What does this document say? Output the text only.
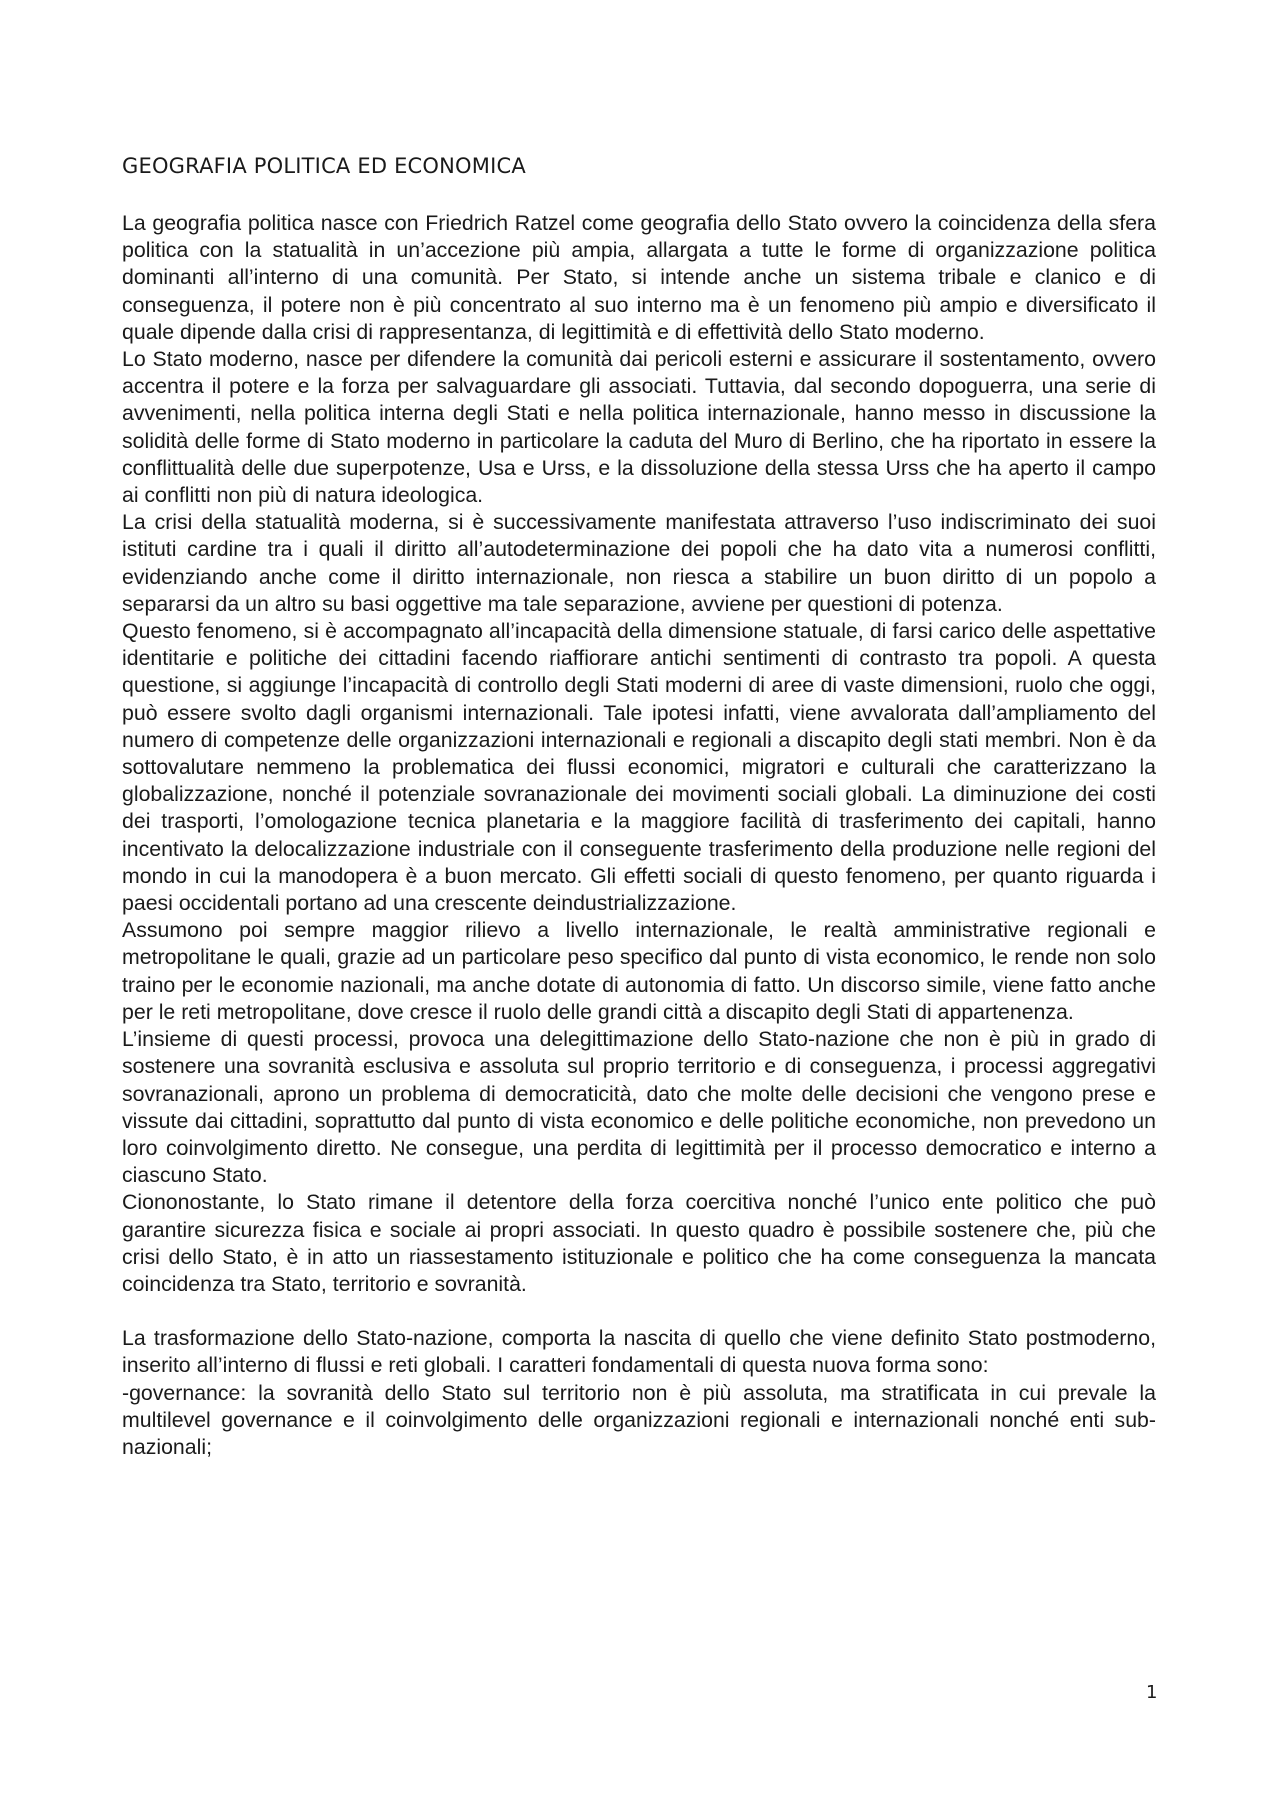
GEOGRAFIA POLITICA ED ECONOMICA

La geografia politica nasce con Friedrich Ratzel come geografia dello Stato ovvero la coincidenza della sfera politica con la statualità in un’accezione più ampia, allargata a tutte le forme di organizzazione politica dominanti all’interno di una comunità. Per Stato, si intende anche un sistema tribale e clanico e di conseguenza, il potere non è più concentrato al suo interno ma è un fenomeno più ampio e diversificato il quale dipende dalla crisi di rappresentanza, di legittimità e di effettività dello Stato moderno.

Lo Stato moderno, nasce per difendere la comunità dai pericoli esterni e assicurare il sostentamento, ovvero accentra il potere e la forza per salvaguardare gli associati. Tuttavia, dal secondo dopoguerra, una serie di avvenimenti, nella politica interna degli Stati e nella politica internazionale, hanno messo in discussione la solidità delle forme di Stato moderno in particolare la caduta del Muro di Berlino, che ha riportato in essere la conflittualità delle due superpotenze, Usa e Urss, e la dissoluzione della stessa Urss che ha aperto il campo ai conflitti non più di natura ideologica.

La crisi della statualità moderna, si è successivamente manifestata attraverso l’uso indiscriminato dei suoi istituti cardine tra i quali il diritto all’autodeterminazione dei popoli che ha dato vita a numerosi conflitti, evidenziando anche come il diritto internazionale, non riesca a stabilire un buon diritto di un popolo a separarsi da un altro su basi oggettive ma tale separazione, avviene per questioni di potenza.

Questo fenomeno, si è accompagnato all’incapacità della dimensione statuale, di farsi carico delle aspettative identitarie e politiche dei cittadini facendo riaffiorare antichi sentimenti di contrasto tra popoli. A questa questione, si aggiunge l’incapacità di controllo degli Stati moderni di aree di vaste dimensioni, ruolo che oggi, può essere svolto dagli organismi internazionali. Tale ipotesi infatti, viene avvalorata dall’ampliamento del numero di competenze delle organizzazioni internazionali e regionali a discapito degli stati membri. Non è da sottovalutare nemmeno la problematica dei flussi economici, migratori e culturali che caratterizzano la globalizzazione, nonché il potenziale sovranazionale dei movimenti sociali globali. La diminuzione dei costi dei trasporti, l’omologazione tecnica planetaria e la maggiore facilità di trasferimento dei capitali, hanno incentivato la delocalizzazione industriale con il conseguente trasferimento della produzione nelle regioni del mondo in cui la manodopera è a buon mercato. Gli effetti sociali di questo fenomeno, per quanto riguarda i paesi occidentali portano ad una crescente deindustrializzazione.

Assumono poi sempre maggior rilievo a livello internazionale, le realtà amministrative regionali e metropolitane le quali, grazie ad un particolare peso specifico dal punto di vista economico, le rende non solo traino per le economie nazionali, ma anche dotate di autonomia di fatto. Un discorso simile, viene fatto anche per le reti metropolitane, dove cresce il ruolo delle grandi città a discapito degli Stati di appartenenza.

L’insieme di questi processi, provoca una delegittimazione dello Stato-nazione che non è più in grado di sostenere una sovranità esclusiva e assoluta sul proprio territorio e di conseguenza, i processi aggregativi sovranazionali, aprono un problema di democraticità, dato che molte delle decisioni che vengono prese e vissute dai cittadini, soprattutto dal punto di vista economico e delle politiche economiche, non prevedono un loro coinvolgimento diretto. Ne consegue, una perdita di legittimità per il processo democratico e interno a ciascuno Stato.

Ciononostante, lo Stato rimane il detentore della forza coercitiva nonché l’unico ente politico che può garantire sicurezza fisica e sociale ai propri associati. In questo quadro è possibile sostenere che, più che crisi dello Stato, è in atto un riassestamento istituzionale e politico che ha come conseguenza la mancata coincidenza tra Stato, territorio e sovranità.

La trasformazione dello Stato-nazione, comporta la nascita di quello che viene definito Stato postmoderno, inserito all’interno di flussi e reti globali. I caratteri fondamentali di questa nuova forma sono:

-governance: la sovranità dello Stato sul territorio non è più assoluta, ma stratificata in cui prevale la multilevel governance e il coinvolgimento delle organizzazioni regionali e internazionali nonché enti sub-nazionali;

1
